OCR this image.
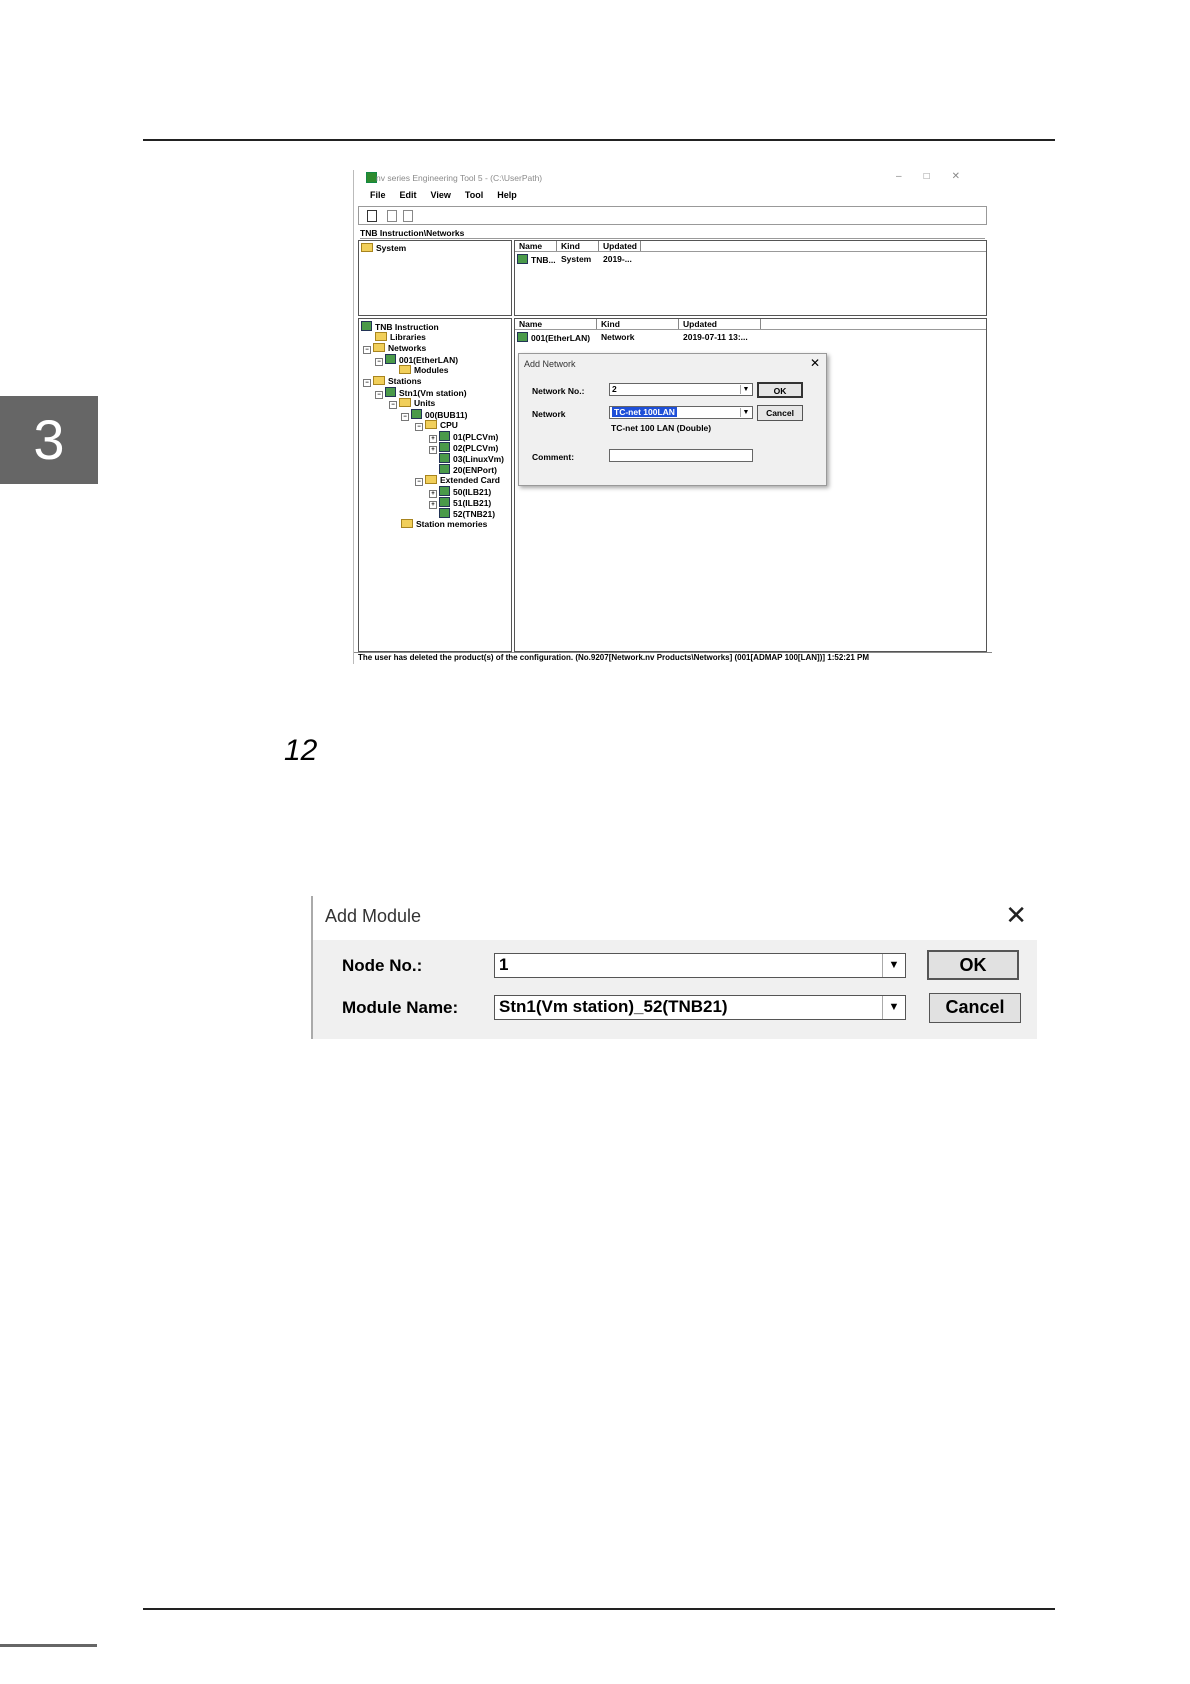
3
12
nv series Engineering Tool 5 - (C:\UserPath)	–□✕
File Edit View Tool Help
TNB Instruction\Networks
System	Name	Kind	Updated
TNB... System 2019-...
TNB Instruction
Libraries
− Networks
− 001(EtherLAN)
Modules
− Stations
− Stn1(Vm station)
− Units
− 00(BUB11)
− CPU
+ 01(PLCVm)
+ 02(PLCVm)
03(LinuxVm)
20(ENPort)
− Extended Card
+ 50(ILB21)
+ 51(ILB21)
52(TNB21)
Station memories
Name	Kind	Updated
001(EtherLAN) Network	2019-07-11 13:...
Add Network	✕
Network No.:	2	▼
Network	TC-net 100LAN	▼
TC-net 100 LAN (Double)
Comment:
OK
Cancel
The user has deleted the product(s) of the configuration. (No.9207[Network.nv Products\Networks] (001[ADMAP 100[LAN])] 1:52:21 PM
Add Module	✕
Node No.:	1	▼	OK
Module Name: Stn1(Vm station)_52(TNB21)	▼	Cancel
